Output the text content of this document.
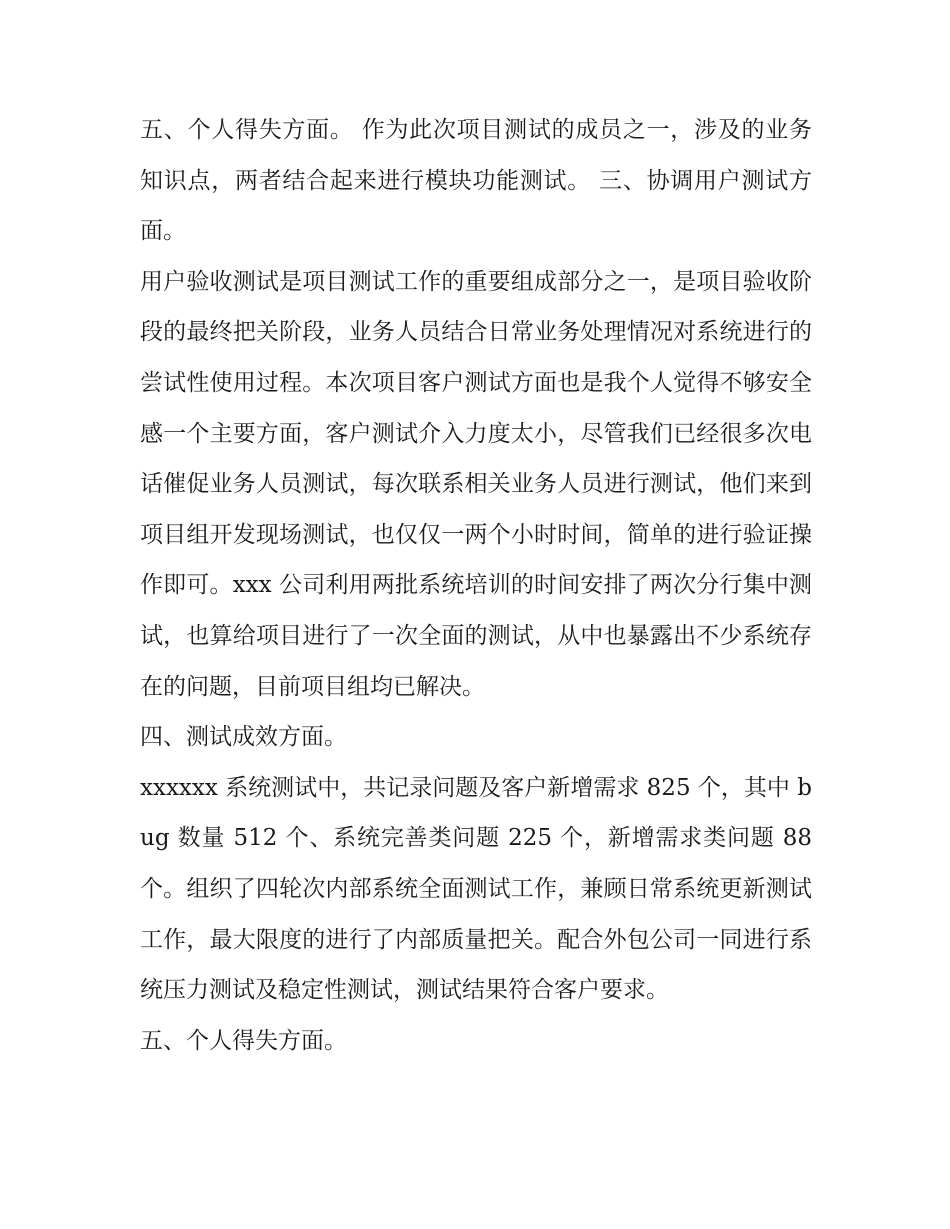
五、个人得失方面。 作为此次项目测试的成员之一，涉及的业务知识点，两者结合起来进行模块功能测试。 三、协调用户测试方面。

用户验收测试是项目测试工作的重要组成部分之一，是项目验收阶段的最终把关阶段，业务人员结合日常业务处理情况对系统进行的尝试性使用过程。本次项目客户测试方面也是我个人觉得不够安全感一个主要方面，客户测试介入力度太小，尽管我们已经很多次电话催促业务人员测试，每次联系相关业务人员进行测试，他们来到项目组开发现场测试，也仅仅一两个小时时间，简单的进行验证操作即可。xxx 公司利用两批系统培训的时间安排了两次分行集中测试，也算给项目进行了一次全面的测试，从中也暴露出不少系统存在的问题，目前项目组均已解决。

四、测试成效方面。

xxxxxx 系统测试中，共记录问题及客户新增需求 825 个，其中 bug 数量 512 个、系统完善类问题 225 个，新增需求类问题 88 个。组织了四轮次内部系统全面测试工作，兼顾日常系统更新测试工作，最大限度的进行了内部质量把关。配合外包公司一同进行系统压力测试及稳定性测试，测试结果符合客户要求。

五、个人得失方面。
